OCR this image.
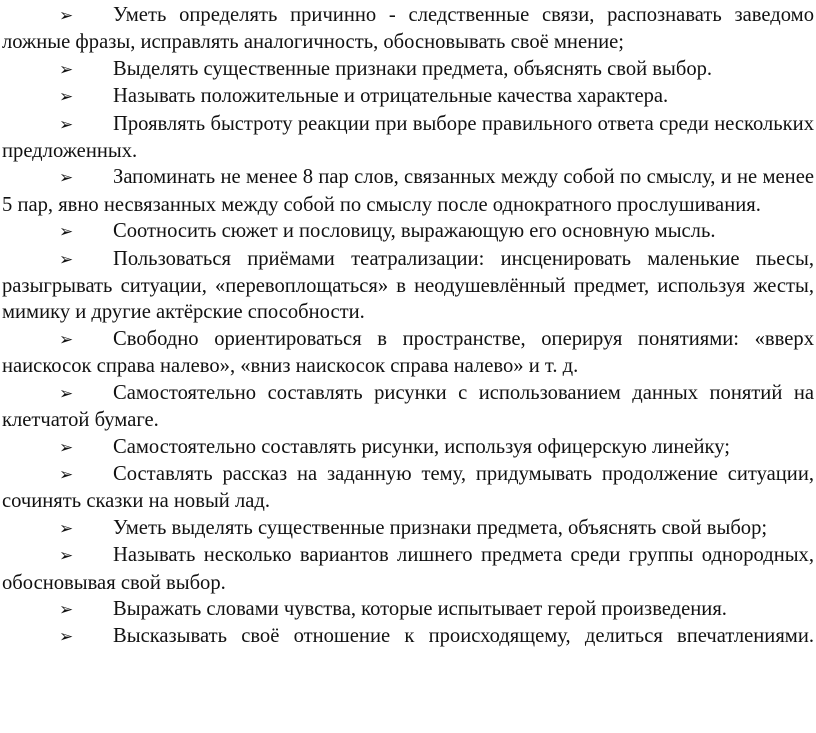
➢ Уметь определять причинно - следственные связи, распознавать заведомо ложные фразы, исправлять аналогичность, обосновывать своё мнение;

➢ Выделять существенные признаки предмета, объяснять свой выбор.

➢ Называть положительные и отрицательные качества характера.

➢ Проявлять быстроту реакции при выборе правильного ответа среди нескольких предложенных.

➢ Запоминать не менее 8 пар слов, связанных между собой по смыслу, и не менее 5 пар, явно несвязанных между собой по смыслу после однократного прослушивания.

➢ Соотносить сюжет и пословицу, выражающую его основную мысль.

➢ Пользоваться приёмами театрализации: инсценировать маленькие пьесы, разыгрывать ситуации, «перевоплощаться» в неодушевлённый предмет, используя жесты, мимику и другие актёрские способности.

➢ Свободно ориентироваться в пространстве, оперируя понятиями: «вверх наискосок справа налево», «вниз наискосок справа налево» и т. д.

➢ Самостоятельно составлять рисунки с использованием данных понятий на клетчатой бумаге.

➢ Самостоятельно составлять рисунки, используя офицерскую линейку;

➢ Составлять рассказ на заданную тему, придумывать продолжение ситуации, сочинять сказки на новый лад.

➢ Уметь выделять существенные признаки предмета, объяснять свой выбор;

➢ Называть несколько вариантов лишнего предмета среди группы однородных, обосновывая свой выбор.

➢ Выражать словами чувства, которые испытывает герой произведения.

➢ Высказывать своё отношение к происходящему, делиться впечатлениями.
